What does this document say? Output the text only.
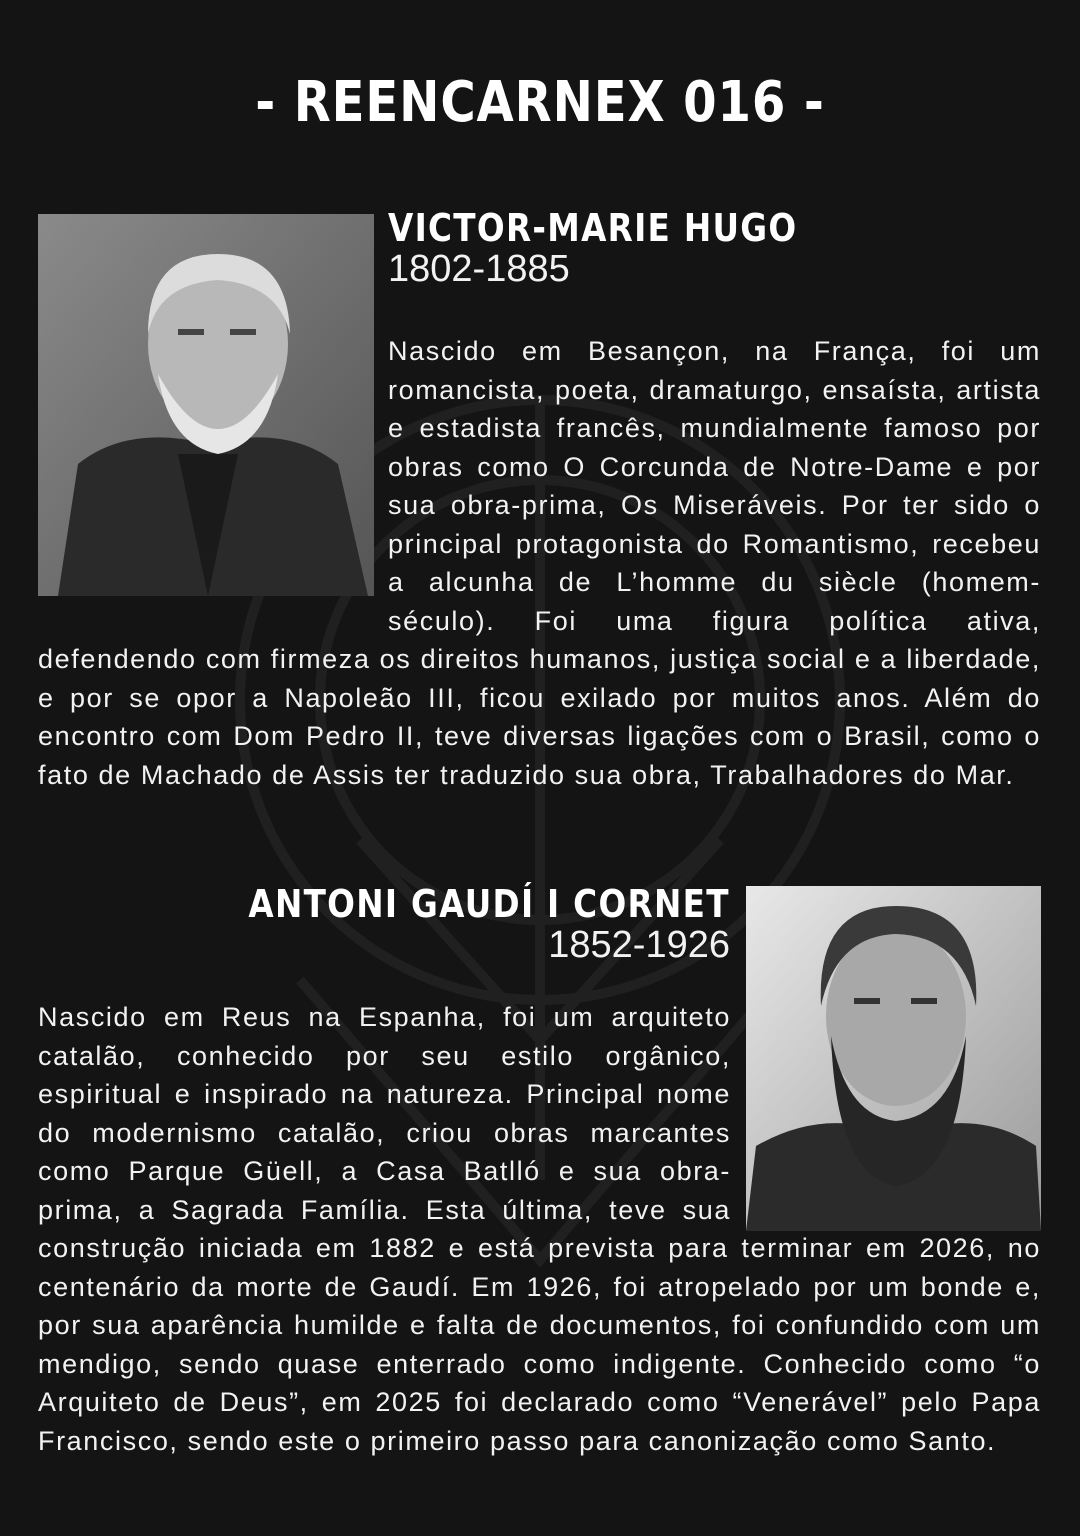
- REENCARNEX 016 -
VICTOR-MARIE HUGO
1802-1885
Nascido em Besançon, na França, foi um romancista, poeta, dramaturgo, ensaísta, artista e estadista francês, mundialmente famoso por obras como O Corcunda de Notre-Dame e por sua obra-prima, Os Miseráveis. Por ter sido o principal protagonista do Romantismo, recebeu a alcunha de L’homme du siècle (homem-século). Foi uma figura política ativa, defendendo com firmeza os direitos humanos, justiça social e a liberdade, e por se opor a Napoleão III, ficou exilado por muitos anos. Além do encontro com Dom Pedro II, teve diversas ligações com o Brasil, como o fato de Machado de Assis ter traduzido sua obra, Trabalhadores do Mar.
ANTONI GAUDÍ I CORNET
1852-1926
Nascido em Reus na Espanha, foi um arquiteto catalão, conhecido por seu estilo orgânico, espiritual e inspirado na natureza. Principal nome do modernismo catalão, criou obras marcantes como Parque Güell, a Casa Batlló e sua obra-prima, a Sagrada Família. Esta última, teve sua construção iniciada em 1882 e está prevista para terminar em 2026, no centenário da morte de Gaudí. Em 1926, foi atropelado por um bonde e, por sua aparência humilde e falta de documentos, foi confundido com um mendigo, sendo quase enterrado como indigente. Conhecido como “o Arquiteto de Deus”, em 2025 foi declarado como “Venerável” pelo Papa Francisco, sendo este o primeiro passo para canonização como Santo.
